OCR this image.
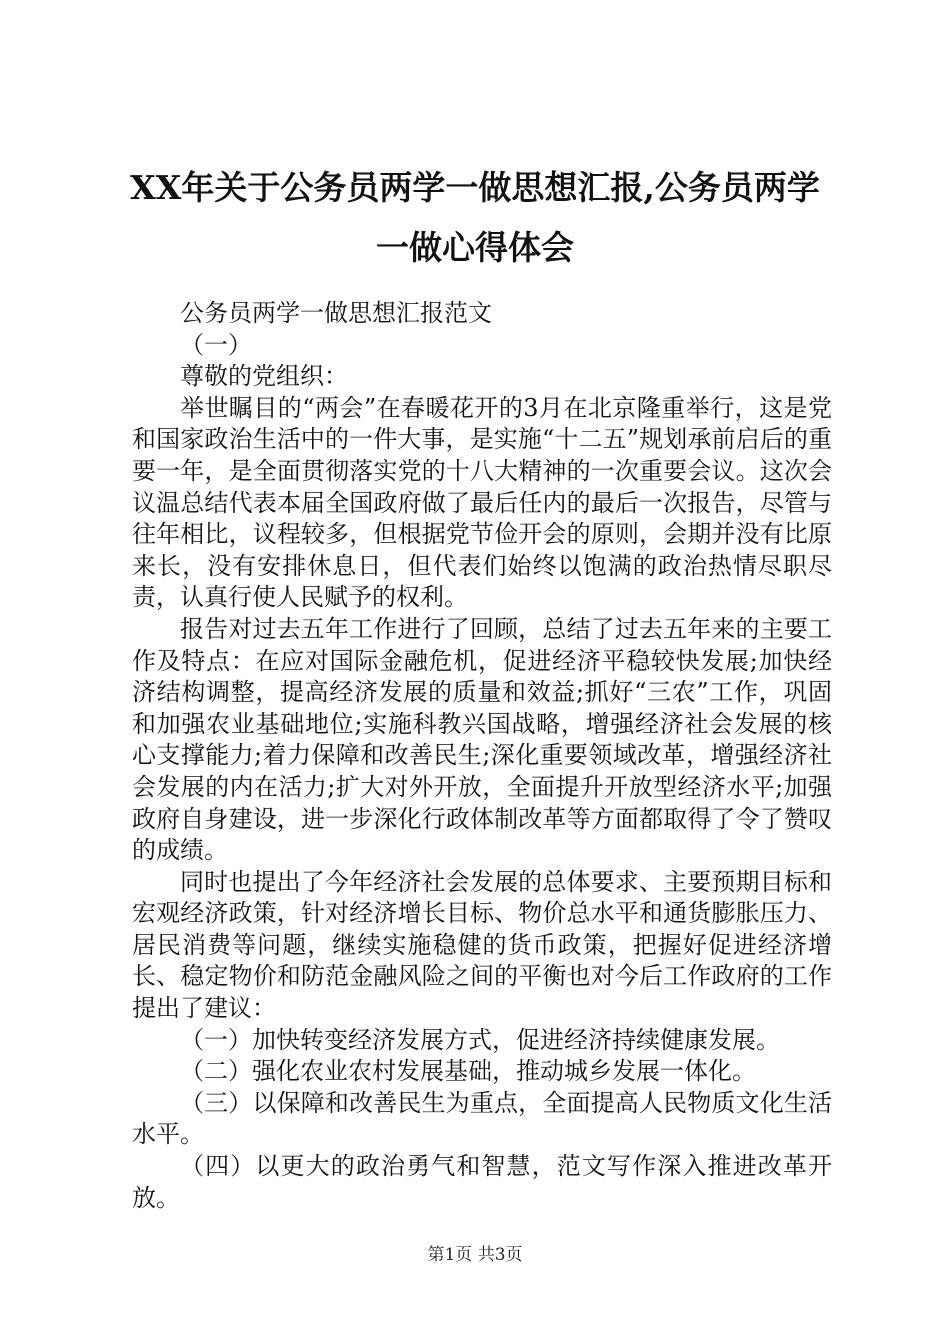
XX年关于公务员两学一做思想汇报,公务员两学一做心得体会

公务员两学一做思想汇报范文

（一）

尊敬的党组织：

举世瞩目的“两会”在春暖花开的3月在北京隆重举行，这是党和国家政治生活中的一件大事，是实施“十二五”规划承前启后的重要一年，是全面贯彻落实党的十八大精神的一次重要会议。这次会议温总结代表本届全国政府做了最后任内的最后一次报告，尽管与往年相比，议程较多，但根据党节俭开会的原则，会期并没有比原来长，没有安排休息日，但代表们始终以饱满的政治热情尽职尽责，认真行使人民赋予的权利。

报告对过去五年工作进行了回顾，总结了过去五年来的主要工作及特点：在应对国际金融危机，促进经济平稳较快发展;加快经济结构调整，提高经济发展的质量和效益;抓好“三农”工作，巩固和加强农业基础地位;实施科教兴国战略，增强经济社会发展的核心支撑能力;着力保障和改善民生;深化重要领域改革，增强经济社会发展的内在活力;扩大对外开放，全面提升开放型经济水平;加强政府自身建设，进一步深化行政体制改革等方面都取得了令了赞叹的成绩。

同时也提出了今年经济社会发展的总体要求、主要预期目标和宏观经济政策，针对经济增长目标、物价总水平和通货膨胀压力、居民消费等问题，继续实施稳健的货币政策，把握好促进经济增长、稳定物价和防范金融风险之间的平衡也对今后工作政府的工作提出了建议：

（一）加快转变经济发展方式，促进经济持续健康发展。

（二）强化农业农村发展基础，推动城乡发展一体化。

（三）以保障和改善民生为重点，全面提高人民物质文化生活水平。

（四）以更大的政治勇气和智慧，范文写作深入推进改革开放。

第1页 共3页
